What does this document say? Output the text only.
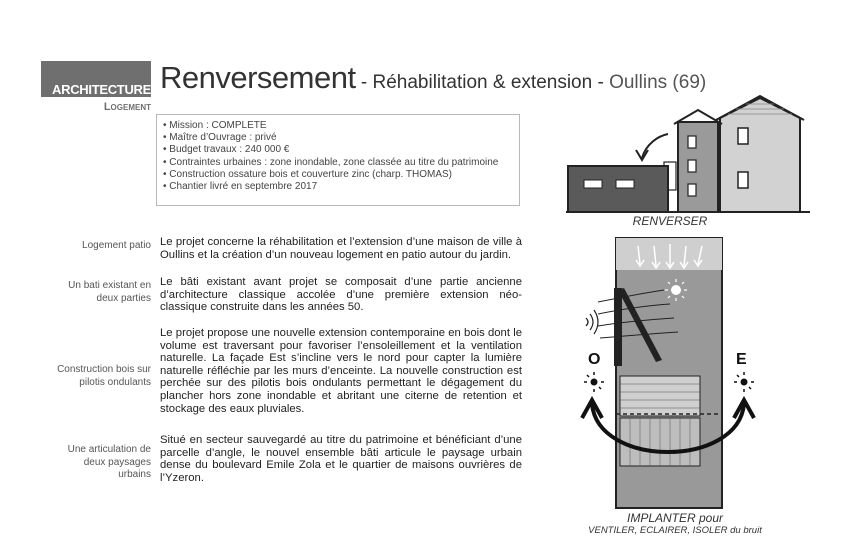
ARCHITECTURE
Logement
Renversement - Réhabilitation & extension - Oullins (69)
• Mission : COMPLETE
• Maître d’Ouvrage : privé
• Budget travaux : 240 000 €
• Contraintes urbaines : zone inondable, zone classée au titre du patrimoine
• Construction ossature bois et couverture zinc (charp. THOMAS)
• Chantier livré en septembre 2017
Logement patio Le projet concerne la réhabilitation et l’extension d’une maison de ville à Oullins et la création d’un nouveau logement en patio autour du jardin.
Un bati existant en deux parties
Le bâti existant avant projet se composait d’une partie ancienne d’architecture classique accolée d’une première extension néo-classique construite dans les années 50.
Construction bois sur pilotis ondulants
Le projet propose une nouvelle extension contemporaine en bois dont le volume est traversant pour favoriser l’ensoleillement et la ventilation naturelle. La façade Est s’incline vers le nord pour capter la lumière naturelle réfléchie par les murs d’enceinte. La nouvelle construction est perchée sur des pilotis bois ondulants permettant le dégagement du plancher hors zone inondable et abritant une citerne de retention et stockage des eaux pluviales.
Une articulation de deux paysages urbains
Situé en secteur sauvegardé au titre du patrimoine et bénéficiant d’une parcelle d’angle, le nouvel ensemble bâti articule le paysage urbain dense du boulevard Emile Zola et le quartier de maisons ouvrières de l’Yzeron.
RENVERSER
O	E
IMPLANTER pour
VENTILER, ECLAIRER, ISOLER du bruit
